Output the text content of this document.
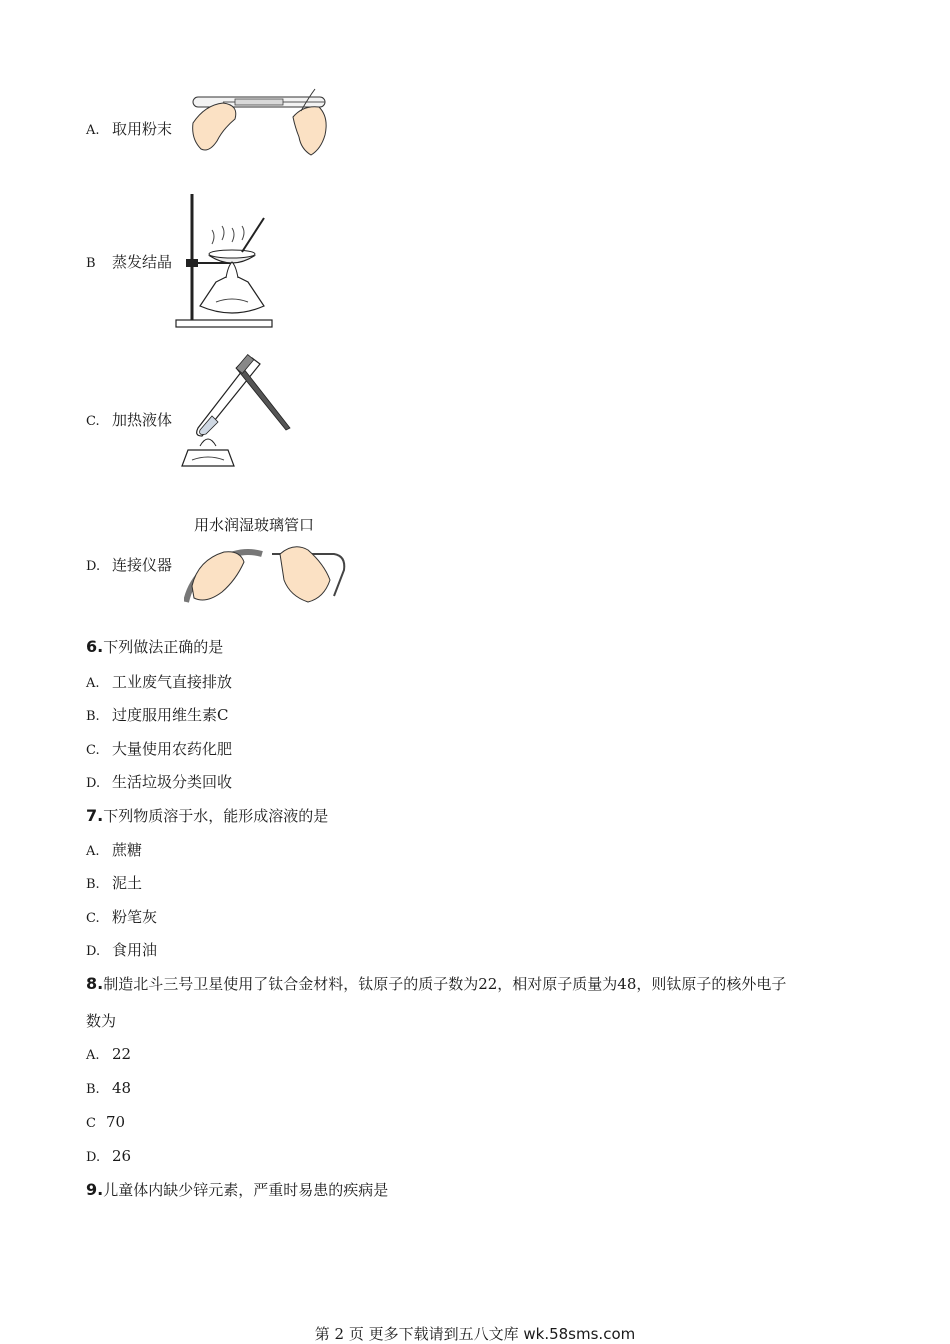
A. 取用粉末
B 蒸发结晶
C. 加热液体
D. 连接仪器
用水润湿玻璃管口
6.下列做法正确的是
A. 工业废气直接排放
B. 过度服用维生素C
C. 大量使用农药化肥
D. 生活垃圾分类回收
7.下列物质溶于水，能形成溶液的是
A. 蔗糖
B. 泥土
C. 粉笔灰
D. 食用油
8.制造北斗三号卫星使用了钛合金材料，钛原子的质子数为22，相对原子质量为48，则钛原子的核外电子
数为
A. 22
B. 48
C 70
D. 26
9.儿童体内缺少锌元素，严重时易患的疾病是
第 2 页 更多下载请到五八文库 wk.58sms.com
